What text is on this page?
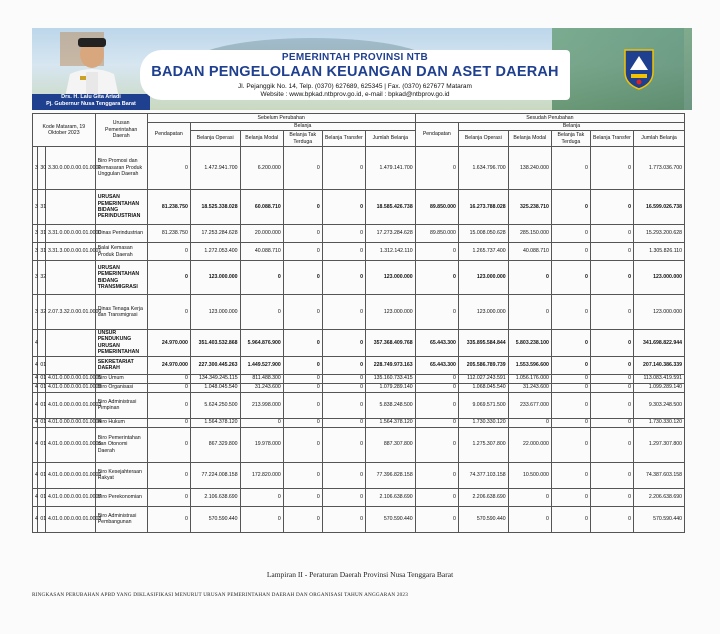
Drs. H. Lalu Gita Ariadi
Pj. Gubernur Nusa Tenggara Barat
PEMERINTAH PROVINSI NTB
BADAN PENGELOLAAN KEUANGAN DAN ASET DAERAH
Jl. Pejanggik No. 14, Telp. (0370) 627689, 625345 | Fax. (0370) 627677 Mataram
Website : www.bpkad.ntbprov.go.id, e-mail : bpkad@ntbprov.go.id
Kode Mataram, 19 Oktober 2023			Urusan Pemerintahan Daerah	Sebelum Perubahan						Sesudah Perubahan					
				Pendapatan	Belanja					Pendapatan	Belanja				
					Belanja Operasi	Belanja Modal	Belanja Tak Terduga	Belanja Transfer	Jumlah Belanja		Belanja Operasi	Belanja Modal	Belanja Tak Terduga	Belanja Transfer	Jumlah Belanja
3	30	3.30.0.00.0.00.01.0001	Biro Promosi dan Pemasaran Produk Unggulan Daerah	0	1.472.941.700	6.200.000	0	0	1.479.141.700	0	1.634.796.700	138.240.000	0	0	1.773.036.700
3	31		URUSAN PEMERINTAHAN BIDANG PERINDUSTRIAN	81.238.750	18.525.338.028	60.088.710	0	0	18.585.426.738	89.850.000	16.273.788.028	325.238.710	0	0	16.599.026.738
3	31	3.31.0.00.0.00.01.0000	Dinas Perindustrian	81.238.750	17.253.284.628	20.000.000	0	0	17.273.284.628	89.850.000	15.008.050.628	285.150.000	0	0	15.293.200.628
3	31	3.31.3.00.0.00.01.0001	Balai Kemasan Produk Daerah	0	1.272.053.400	40.088.710	0	0	1.312.142.110	0	1.265.737.400	40.088.710	0	0	1.305.826.110
3	32		URUSAN PEMERINTAHAN BIDANG TRANSMIGRASI	0	123.000.000	0	0	0	123.000.000	0	123.000.000	0	0	0	123.000.000
3	32	2.07.3.32.0.00.01.0000	Dinas Tenaga Kerja dan Transmigrasi	0	123.000.000	0	0	0	123.000.000	0	123.000.000	0	0	0	123.000.000
4			UNSUR PENDUKUNG URUSAN PEMERINTAHAN	24.970.000	351.403.532.868	5.964.876.900	0	0	357.368.409.768	65.443.300	335.895.584.844	5.803.238.100	0	0	341.698.822.944
4	01		SEKRETARIAT DAERAH	24.970.000	227.300.445.263	1.449.527.900	0	0	228.749.973.163	65.443.300	205.586.789.739	1.553.596.600	0	0	207.140.386.339
4	01	4.01.0.00.0.00.01.0001	Biro Umum	0	134.349.245.115	811.488.300	0	0	135.160.733.415	0	112.027.243.591	1.056.176.000	0	0	113.083.419.591
4	01	4.01.0.00.0.00.01.0002	Biro Organisasi	0	1.048.045.540	31.243.600	0	0	1.079.289.140	0	1.068.045.540	31.243.600	0	0	1.099.289.140
4	01	4.01.0.00.0.00.01.0003	Biro Administrasi Pimpinan	0	5.624.250.500	213.998.000	0	0	5.838.248.500	0	9.069.571.500	233.677.000	0	0	9.303.248.500
4	01	4.01.0.00.0.00.01.0004	Biro Hukum	0	1.564.378.120	0	0	0	1.564.378.120	0	1.730.330.120	0	0	0	1.730.330.120
4	01	4.01.0.00.0.00.01.0005	Biro Pemerintahan dan Otonomi Daerah	0	867.329.800	19.978.000	0	0	887.307.800	0	1.275.307.800	22.000.000	0	0	1.297.307.800
4	01	4.01.0.00.0.00.01.0006	Biro Kesejahteraan Rakyat	0	77.224.008.158	172.820.000	0	0	77.396.828.158	0	74.377.103.158	10.500.000	0	0	74.387.603.158
4	01	4.01.0.00.0.00.01.0007	Biro Perekonomian	0	2.106.638.690	0	0	0	2.106.638.690	0	2.206.638.690	0	0	0	2.206.638.690
4	01	4.01.0.00.0.00.01.0008	Biro Administrasi Pembangunan	0	570.590.440	0	0	0	570.590.440	0	570.590.440	0	0	0	570.590.440
Lampiran II - Peraturan Daerah Provinsi Nusa Tenggara Barat
RINGKASAN PERUBAHAN APBD YANG DIKLASIFIKASI MENURUT URUSAN PEMERINTAHAN DAERAH DAN ORGANISASI TAHUN ANGGARAN 2023
